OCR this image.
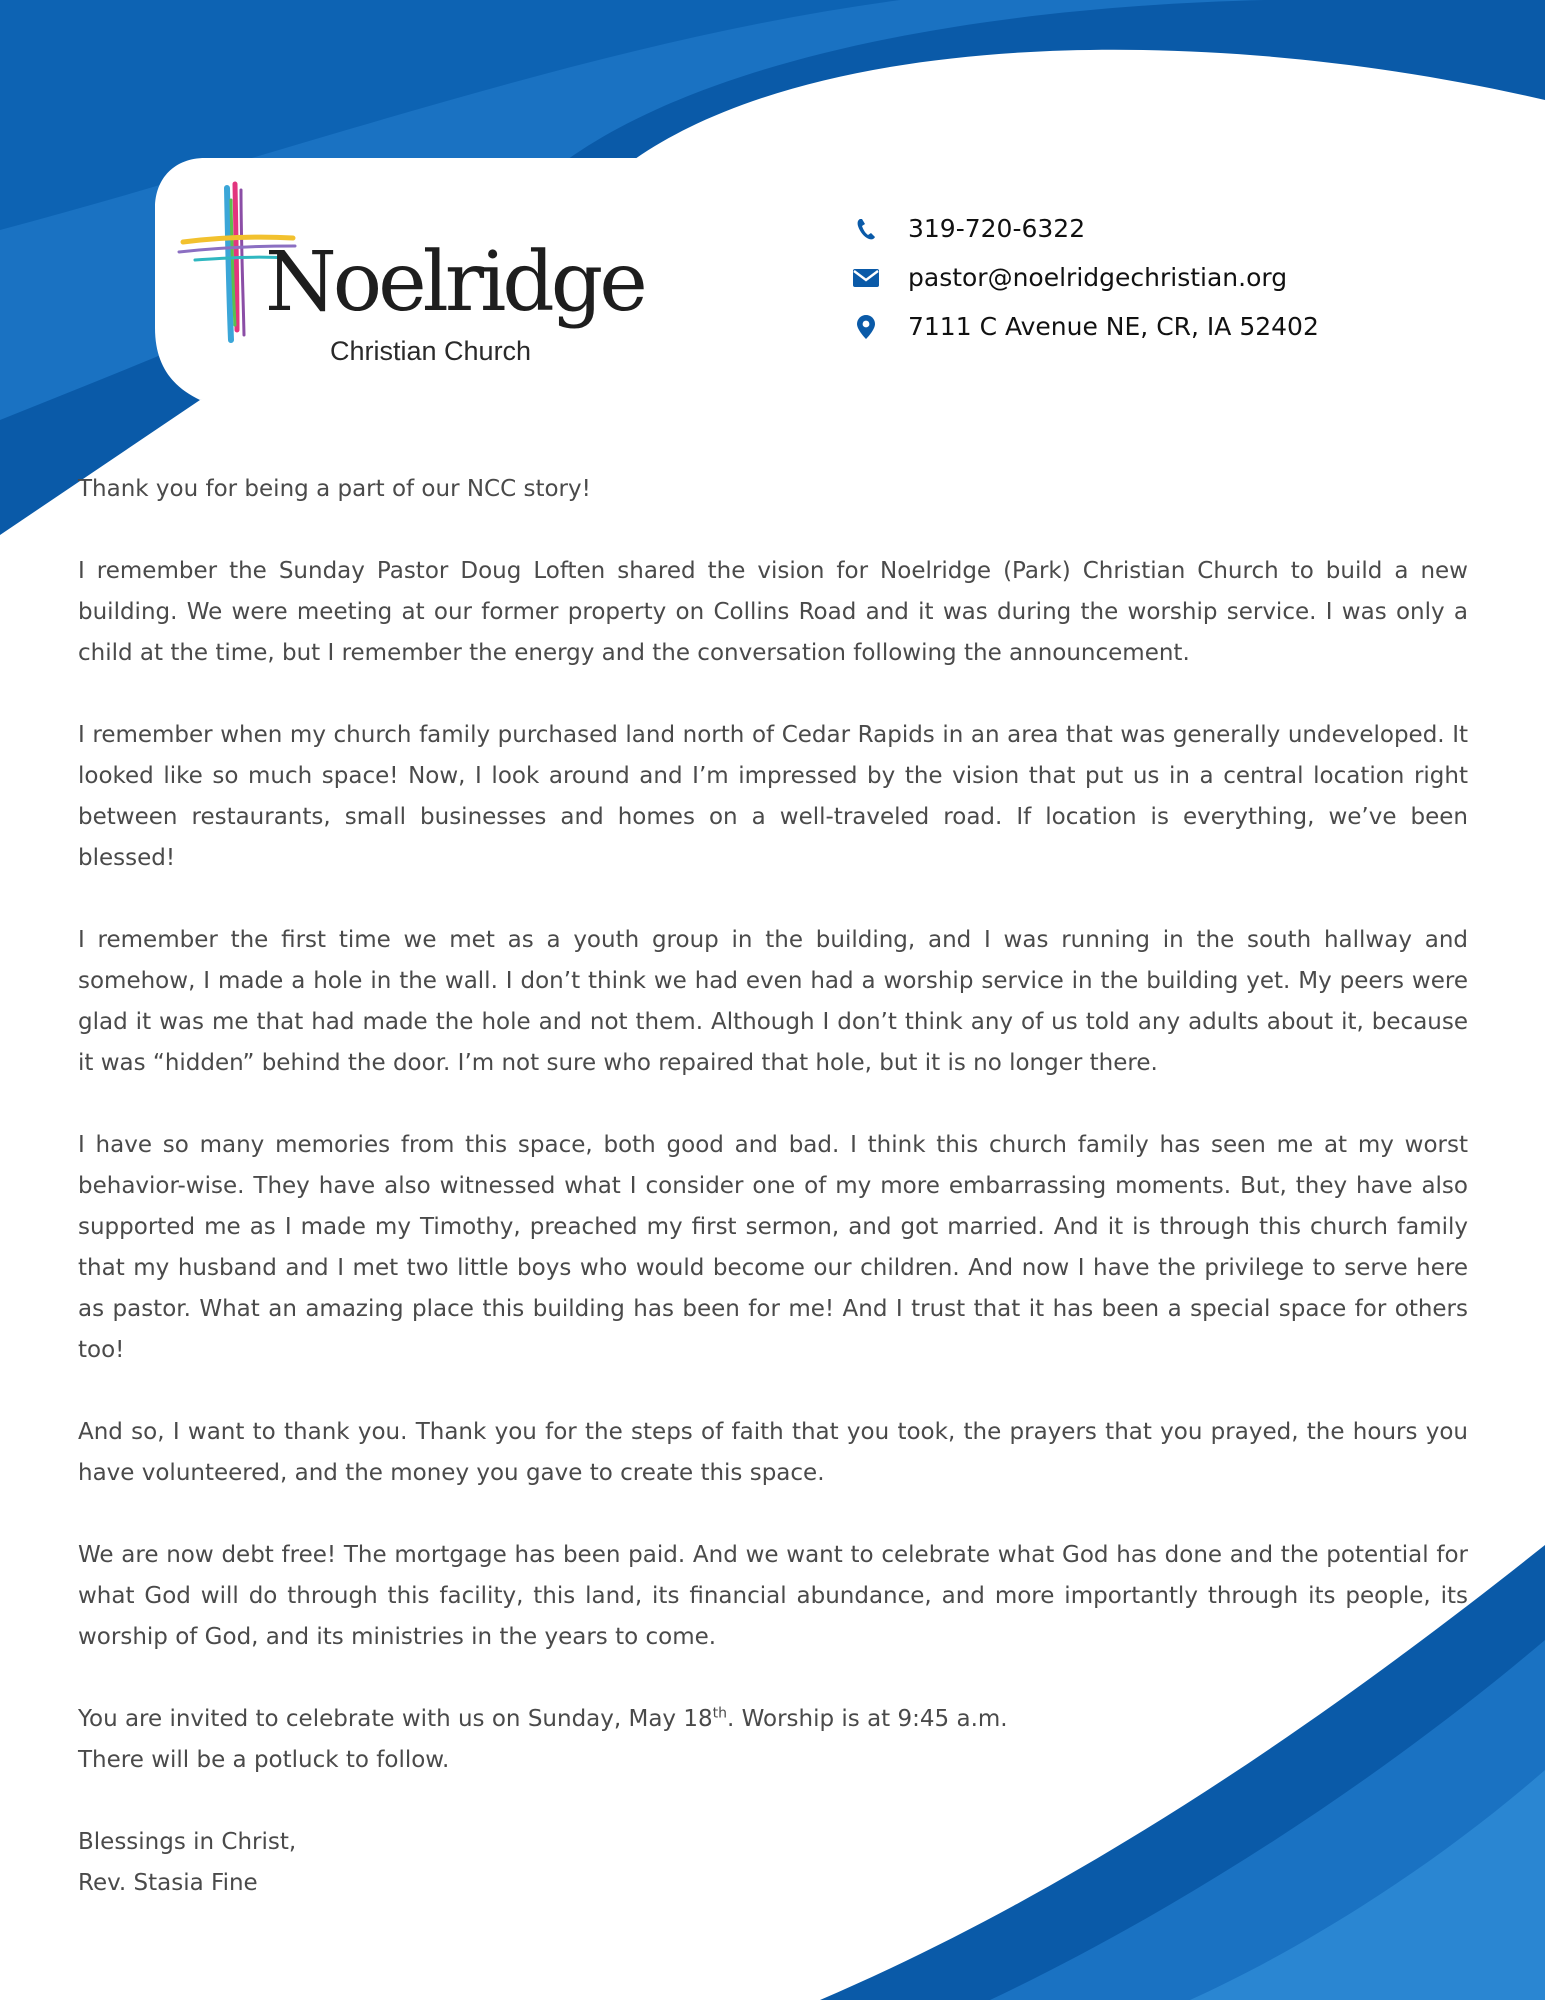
Noelridge
Christian Church
319-720-6322
pastor@noelridgechristian.org
7111 C Avenue NE, CR, IA 52402

Thank you for being a part of our NCC story!

I remember the Sunday Pastor Doug Loften shared the vision for Noelridge (Park) Christian Church to build a new building. We were meeting at our former property on Collins Road and it was during the worship service. I was only a child at the time, but I remember the energy and the conversation following the announcement.

I remember when my church family purchased land north of Cedar Rapids in an area that was generally undeveloped. It looked like so much space! Now, I look around and I’m impressed by the vision that put us in a central location right between restaurants, small businesses and homes on a well-traveled road. If location is everything, we’ve been blessed!

I remember the first time we met as a youth group in the building, and I was running in the south hallway and somehow, I made a hole in the wall. I don’t think we had even had a worship service in the building yet. My peers were glad it was me that had made the hole and not them. Although I don’t think any of us told any adults about it, because it was “hidden” behind the door. I’m not sure who repaired that hole, but it is no longer there.

I have so many memories from this space, both good and bad. I think this church family has seen me at my worst behavior-wise. They have also witnessed what I consider one of my more embarrassing moments. But, they have also supported me as I made my Timothy, preached my first sermon, and got married. And it is through this church family that my husband and I met two little boys who would become our children. And now I have the privilege to serve here as pastor. What an amazing place this building has been for me! And I trust that it has been a special space for others too!

And so, I want to thank you. Thank you for the steps of faith that you took, the prayers that you prayed, the hours you have volunteered, and the money you gave to create this space.

We are now debt free! The mortgage has been paid. And we want to celebrate what God has done and the potential for what God will do through this facility, this land, its financial abundance, and more importantly through its people, its worship of God, and its ministries in the years to come.

You are invited to celebrate with us on Sunday, May 18th. Worship is at 9:45 a.m.
There will be a potluck to follow.

Blessings in Christ,
Rev. Stasia Fine
